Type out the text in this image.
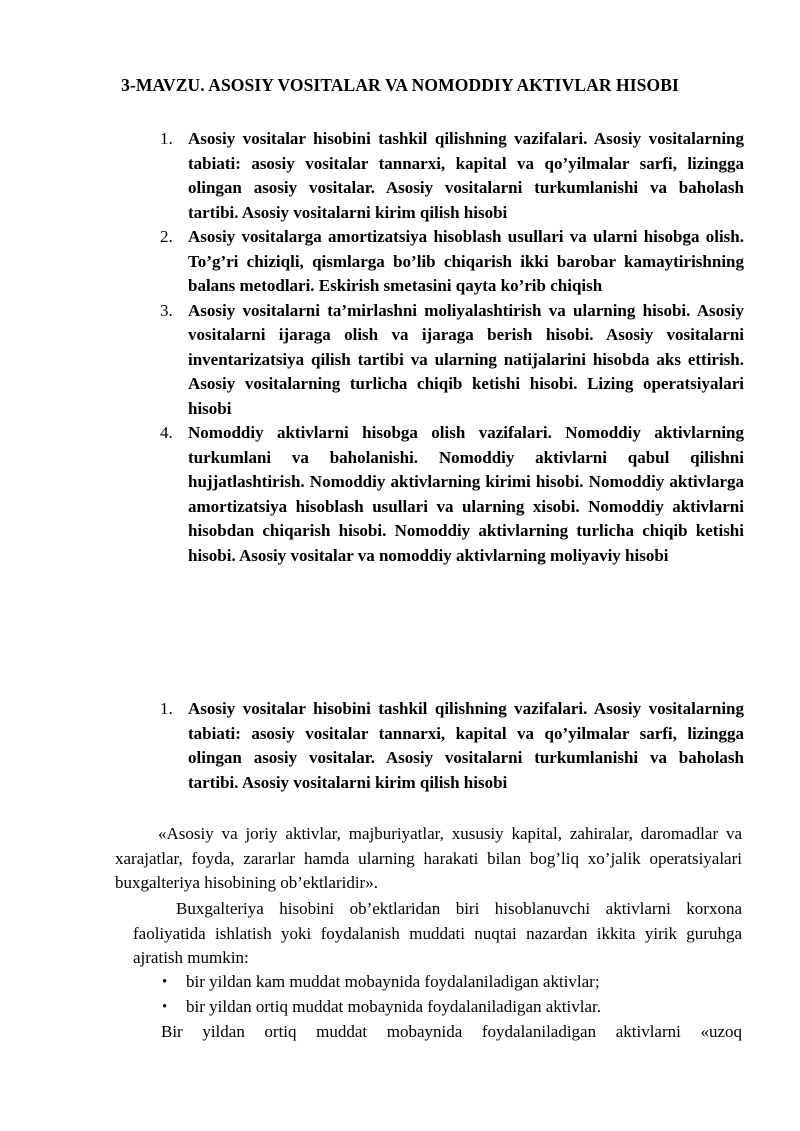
3-MAVZU. ASOSIY VOSITALAR VA NOMODDIY AKTIVLAR HISOBI
1. Asosiy vositalar hisobini tashkil qilishning vazifalari. Asosiy vositalarning tabiati: asosiy vositalar tannarxi, kapital va qo’yilmalar sarfi, lizingga olingan asosiy vositalar. Asosiy vositalarni turkumlanishi va baholash tartibi. Asosiy vositalarni kirim qilish hisobi
2. Asosiy vositalarga amortizatsiya hisoblash usullari va ularni hisobga olish. To’g’ri chiziqli, qismlarga bo’lib chiqarish ikki barobar kamaytirishning balans metodlari. Eskirish smetasini qayta ko’rib chiqish
3. Asosiy vositalarni ta’mirlashni moliyalashtirish va ularning hisobi. Asosiy vositalarni ijaraga olish va ijaraga berish hisobi. Asosiy vositalarni inventarizatsiya qilish tartibi va ularning natijalarini hisobda aks ettirish. Asosiy vositalarning turlicha chiqib ketishi hisobi. Lizing operatsiyalari hisobi
4. Nomoddiy aktivlarni hisobga olish vazifalari. Nomoddiy aktivlarning turkumlani va baholanishi. Nomoddiy aktivlarni qabul qilishni hujjatlashtirish. Nomoddiy aktivlarning kirimi hisobi. Nomoddiy aktivlarga amortizatsiya hisoblash usullari va ularning xisobi. Nomoddiy aktivlarni hisobdan chiqarish hisobi. Nomoddiy aktivlarning turlicha chiqib ketishi hisobi. Asosiy vositalar va nomoddiy aktivlarning moliyaviy hisobi
1. Asosiy vositalar hisobini tashkil qilishning vazifalari. Asosiy vositalarning tabiati: asosiy vositalar tannarxi, kapital va qo’yilmalar sarfi, lizingga olingan asosiy vositalar. Asosiy vositalarni turkumlanishi va baholash tartibi. Asosiy vositalarni kirim qilish hisobi

«Asosiy va joriy aktivlar, majburiyatlar, xususiy kapital, zahiralar, daromadlar va xarajatlar, foyda, zararlar hamda ularning harakati bilan bog’liq xo’jalik operatsiyalari buxgalteriya hisobining ob’ektlaridir».

Buxgalteriya hisobini ob’ektlaridan biri hisoblanuvchi aktivlarni korxona faoliyatida ishlatish yoki foydalanish muddati nuqtai nazardan ikkita yirik guruhga ajratish mumkin:

• bir yildan kam muddat mobaynida foydalaniladigan aktivlar;
• bir yildan ortiq muddat mobaynida foydalaniladigan aktivlar.

Bir yildan ortiq muddat mobaynida foydalaniladigan aktivlarni «uzoq
